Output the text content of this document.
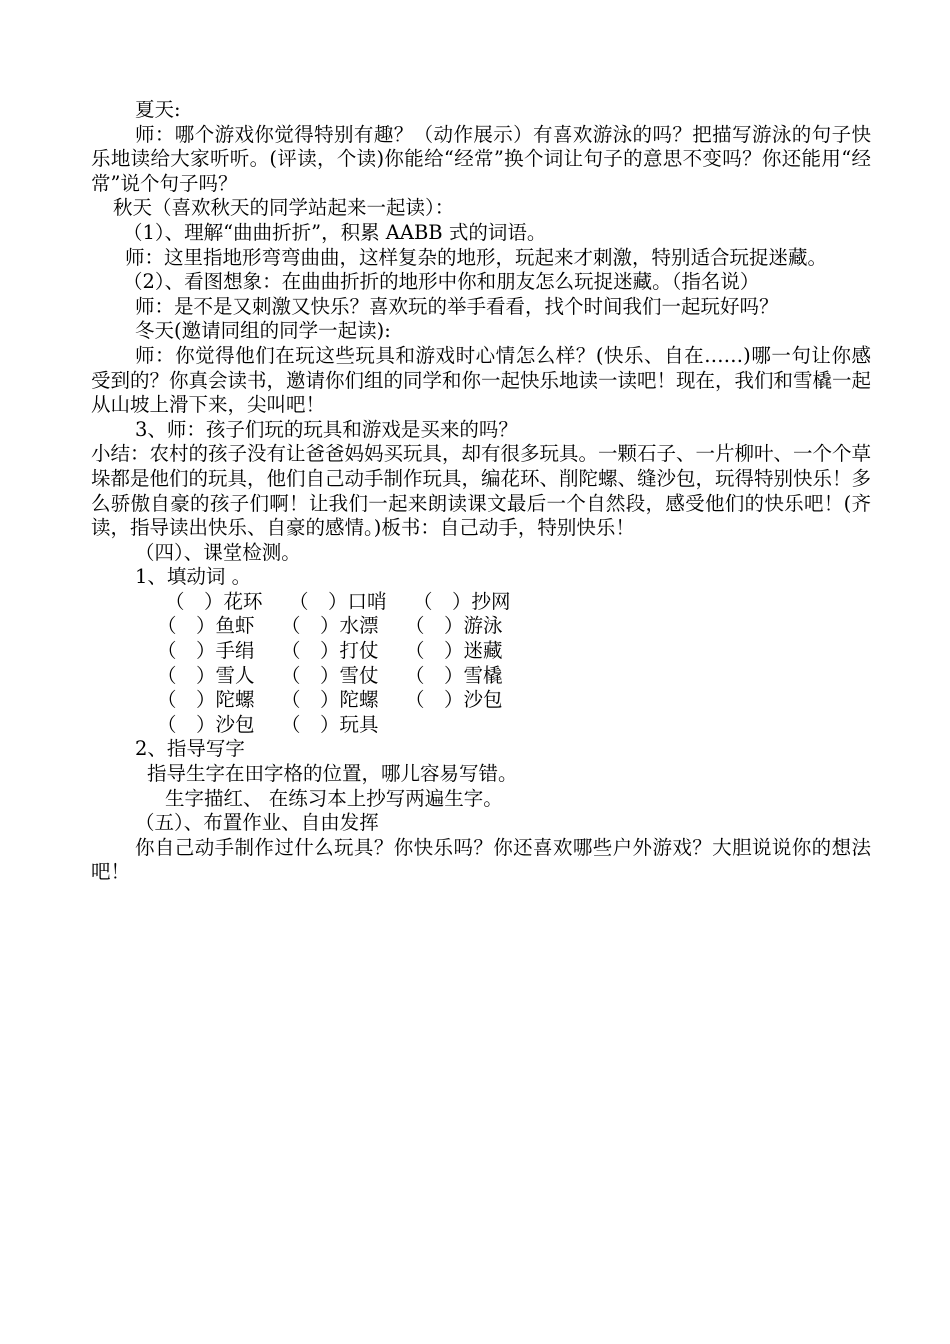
夏天:
师：哪个游戏你觉得特别有趣？（动作展示）有喜欢游泳的吗？把描写游泳的句子快乐地读给大家听听。(评读，个读)你能给“经常”换个词让句子的意思不变吗？你还能用“经常”说个句子吗？
秋天（喜欢秋天的同学站起来一起读）：
（1）、理解“曲曲折折”，积累 AABB 式的词语。
师：这里指地形弯弯曲曲，这样复杂的地形，玩起来才刺激，特别适合玩捉迷藏。
（2）、看图想象：在曲曲折折的地形中你和朋友怎么玩捉迷藏。（指名说）
师：是不是又刺激又快乐？喜欢玩的举手看看，找个时间我们一起玩好吗？
冬天(邀请同组的同学一起读):
师：你觉得他们在玩这些玩具和游戏时心情怎么样？(快乐、自在……)哪一句让你感受到的？你真会读书，邀请你们组的同学和你一起快乐地读一读吧！现在，我们和雪橇一起从山坡上滑下来，尖叫吧！
3、师：孩子们玩的玩具和游戏是买来的吗？
小结：农村的孩子没有让爸爸妈妈买玩具，却有很多玩具。一颗石子、一片柳叶、一个个草垛都是他们的玩具，他们自己动手制作玩具，编花环、削陀螺、缝沙包，玩得特别快乐！多么骄傲自豪的孩子们啊！让我们一起来朗读课文最后一个自然段，感受他们的快乐吧！(齐读，指导读出快乐、自豪的感情。)板书：自己动手，特别快乐！
（四）、课堂检测。
1、填动词 。
（　）花环	（　）口哨	（　）抄网
（　）鱼虾	（　）水漂	（　）游泳
（　）手绢	（　）打仗	（　）迷藏
（　）雪人	（　）雪仗	（　）雪橇
（　）陀螺	（　）陀螺	（　）沙包
（　）沙包	（　）玩具
2、指导写字
指导生字在田字格的位置，哪儿容易写错。
生字描红、 在练习本上抄写两遍生字。
（五）、布置作业、自由发挥
你自己动手制作过什么玩具？你快乐吗？你还喜欢哪些户外游戏？大胆说说你的想法吧！
